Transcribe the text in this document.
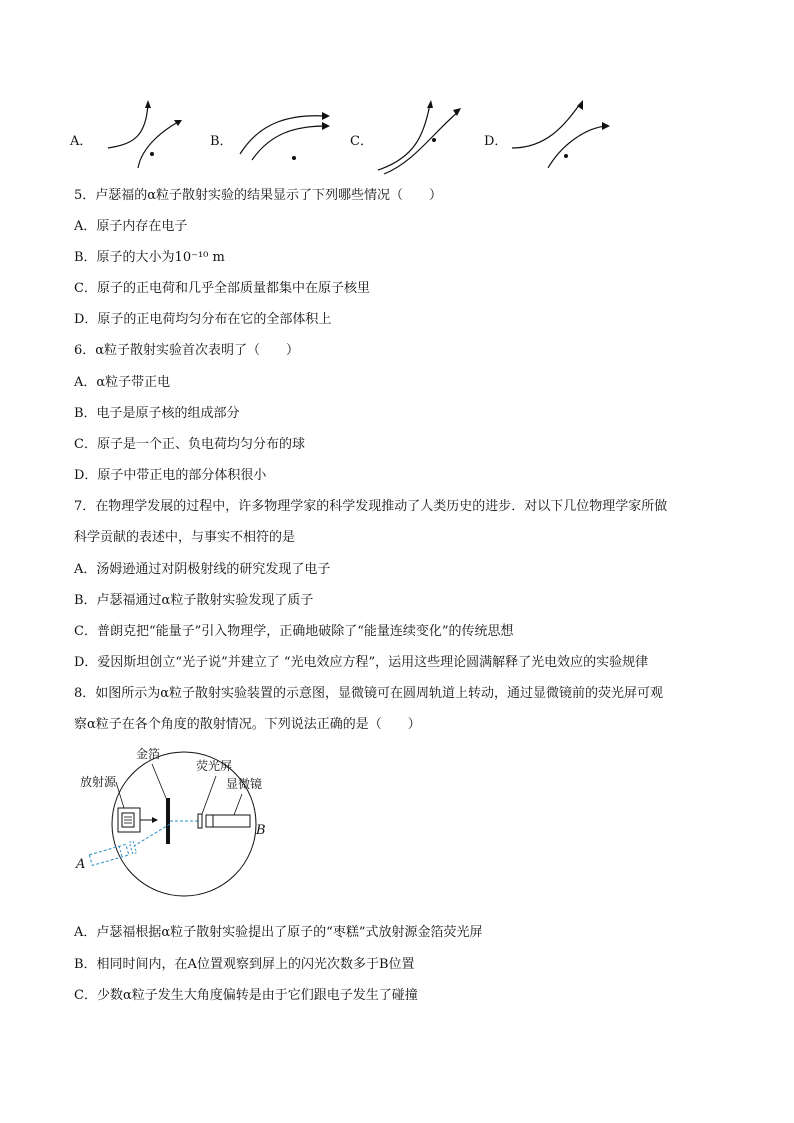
A．	B．	C．	D．
5．卢瑟福的α粒子散射实验的结果显示了下列哪些情况（　　）
A．原子内存在电子
B．原子的大小为10⁻¹⁰ m
C．原子的正电荷和几乎全部质量都集中在原子核里
D．原子的正电荷均匀分布在它的全部体积上
6．α粒子散射实验首次表明了（　　）
A．α粒子带正电
B．电子是原子核的组成部分
C．原子是一个正、负电荷均匀分布的球
D．原子中带正电的部分体积很小
7．在物理学发展的过程中，许多物理学家的科学发现推动了人类历史的进步．对以下几位物理学家所做
科学贡献的表述中，与事实不相符的是
A．汤姆逊通过对阴极射线的研究发现了电子
B．卢瑟福通过α粒子散射实验发现了质子
C．普朗克把“能量子”引入物理学，正确地破除了“能量连续变化”的传统思想
D．爱因斯坦创立“光子说”并建立了 “光电效应方程”，运用这些理论圆满解释了光电效应的实验规律
8．如图所示为α粒子散射实验装置的示意图，显微镜可在圆周轨道上转动，通过显微镜前的荧光屏可观
察α粒子在各个角度的散射情况。下列说法正确的是（　　）
金箔
放射源
荧光屏
显微镜
A
B
A．卢瑟福根据α粒子散射实验提出了原子的“枣糕”式放射源金箔荧光屏
B．相同时间内，在A位置观察到屏上的闪光次数多于B位置
C．少数α粒子发生大角度偏转是由于它们跟电子发生了碰撞
